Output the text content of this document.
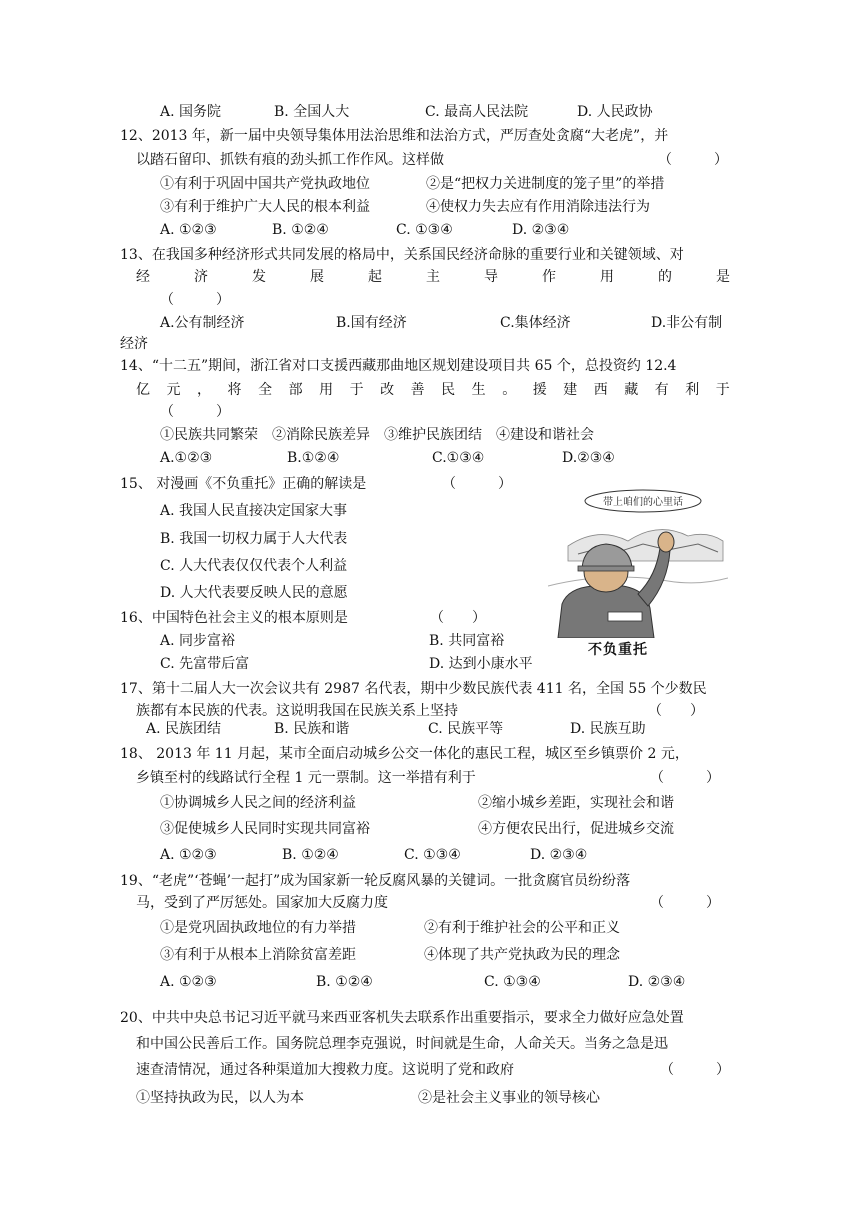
A. 国务院	B. 全国人大	C. 最高人民法院	D. 人民政协
12、2013 年，新一届中央领导集体用法治思维和法治方式，严厉查处贪腐“大老虎”，并
以踏石留印、抓铁有痕的劲头抓工作作风。这样做	（　　　）
①有利于巩固中国共产党执政地位	②是“把权力关进制度的笼子里”的举措
③有利于维护广大人民的根本利益	④使权力失去应有作用消除违法行为
A. ①②③	B. ①②④	C. ①③④	D. ②③④
13、在我国多种经济形式共同发展的格局中，关系国民经济命脉的重要行业和关键领域、对
经	济	发	展	起	主	导	作	用	的	是
（　　　）
A.公有制经济	B.国有经济	C.集体经济	D.非公有制
经济
14、“十二五”期间，浙江省对口支援西藏那曲地区规划建设项目共 65 个，总投资约 12.4
亿 元 ， 将 全 部 用 于 改 善 民 生 。 援 建 西 藏 有 利 于
（　　　）
①民族共同繁荣　②消除民族差异　③维护民族团结　④建设和谐社会
A.①②③	B.①②④	C.①③④	D.②③④
15、 对漫画《不负重托》正确的解读是	（　　　）
A. 我国人民直接决定国家大事
B. 我国一切权力属于人大代表
C. 人大代表仅仅代表个人利益
D. 人大代表要反映人民的意愿
带上咱们的心里话
不负重托
16、中国特色社会主义的根本原则是	（　　）
A. 同步富裕	B. 共同富裕
C. 先富带后富	D. 达到小康水平
17、第十二届人大一次会议共有 2987 名代表，期中少数民族代表 411 名，全国 55 个少数民
族都有本民族的代表。这说明我国在民族关系上坚持	（　　）
A. 民族团结	B. 民族和谐	C. 民族平等	D. 民族互助
18、 2013 年 11 月起，某市全面启动城乡公交一体化的惠民工程，城区至乡镇票价 2 元，
乡镇至村的线路试行全程 1 元一票制。这一举措有利于	（　　　）
①协调城乡人民之间的经济利益	②缩小城乡差距，实现社会和谐
③促使城乡人民同时实现共同富裕	④方便农民出行，促进城乡交流
A. ①②③	B. ①②④	C. ①③④	D. ②③④
19、“老虎”‘苍蝇’一起打”成为国家新一轮反腐风暴的关键词。一批贪腐官员纷纷落
马，受到了严厉惩处。国家加大反腐力度	（　　　）
①是党巩固执政地位的有力举措	②有利于维护社会的公平和正义
③有利于从根本上消除贫富差距	④体现了共产党执政为民的理念
A. ①②③	B. ①②④	C. ①③④	D. ②③④
20、中共中央总书记习近平就马来西亚客机失去联系作出重要指示，要求全力做好应急处置
和中国公民善后工作。国务院总理李克强说，时间就是生命，人命关天。当务之急是迅
速查清情况，通过各种渠道加大搜救力度。这说明了党和政府	（　　　）
①坚持执政为民，以人为本	②是社会主义事业的领导核心
